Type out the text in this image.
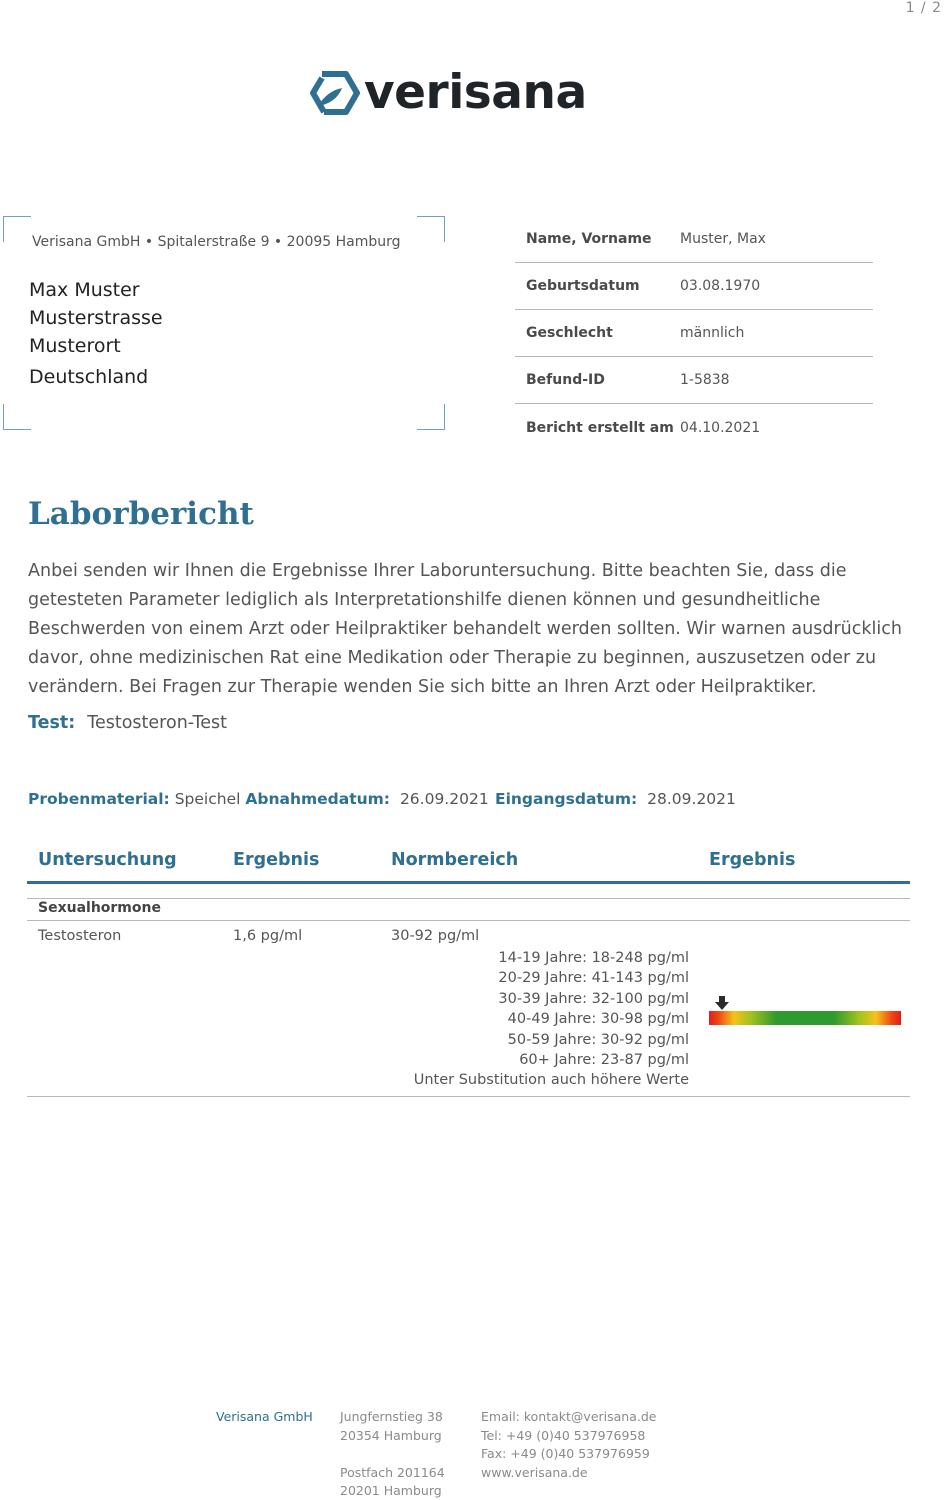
1 / 2
verisana
Verisana GmbH • Spitalerstraße 9 • 20095 Hamburg
Max Muster
Musterstrasse
Musterort
Deutschland
Name, Vorname	Muster, Max
Geburtsdatum	03.08.1970
Geschlecht	männlich
Befund-ID	1-5838
Bericht erstellt am 04.10.2021
Laborbericht
Anbei senden wir Ihnen die Ergebnisse Ihrer Laboruntersuchung. Bitte beachten Sie, dass die
getesteten Parameter lediglich als Interpretationshilfe dienen können und gesundheitliche
Beschwerden von einem Arzt oder Heilpraktiker behandelt werden sollten. Wir warnen ausdrücklich
davor, ohne medizinischen Rat eine Medikation oder Therapie zu beginnen, auszusetzen oder zu
verändern. Bei Fragen zur Therapie wenden Sie sich bitte an Ihren Arzt oder Heilpraktiker.
Test: Testosteron-Test
Probenmaterial: Speichel Abnahmedatum: 26.09.2021 Eingangsdatum: 28.09.2021
Untersuchung	Ergebnis	Normbereich	Ergebnis
Sexualhormone
Testosteron	1,6 pg/ml	30-92 pg/ml
14-19 Jahre: 18-248 pg/ml
20-29 Jahre: 41-143 pg/ml
30-39 Jahre: 32-100 pg/ml
40-49 Jahre: 30-98 pg/ml
50-59 Jahre: 30-92 pg/ml
60+ Jahre: 23-87 pg/ml
Unter Substitution auch höhere Werte
Verisana GmbH Jungfernstieg 38
20354 Hamburg
Postfach 201164
20201 Hamburg
Email: kontakt@verisana.de
Tel: +49 (0)40 537976958
Fax: +49 (0)40 537976959
www.verisana.de
